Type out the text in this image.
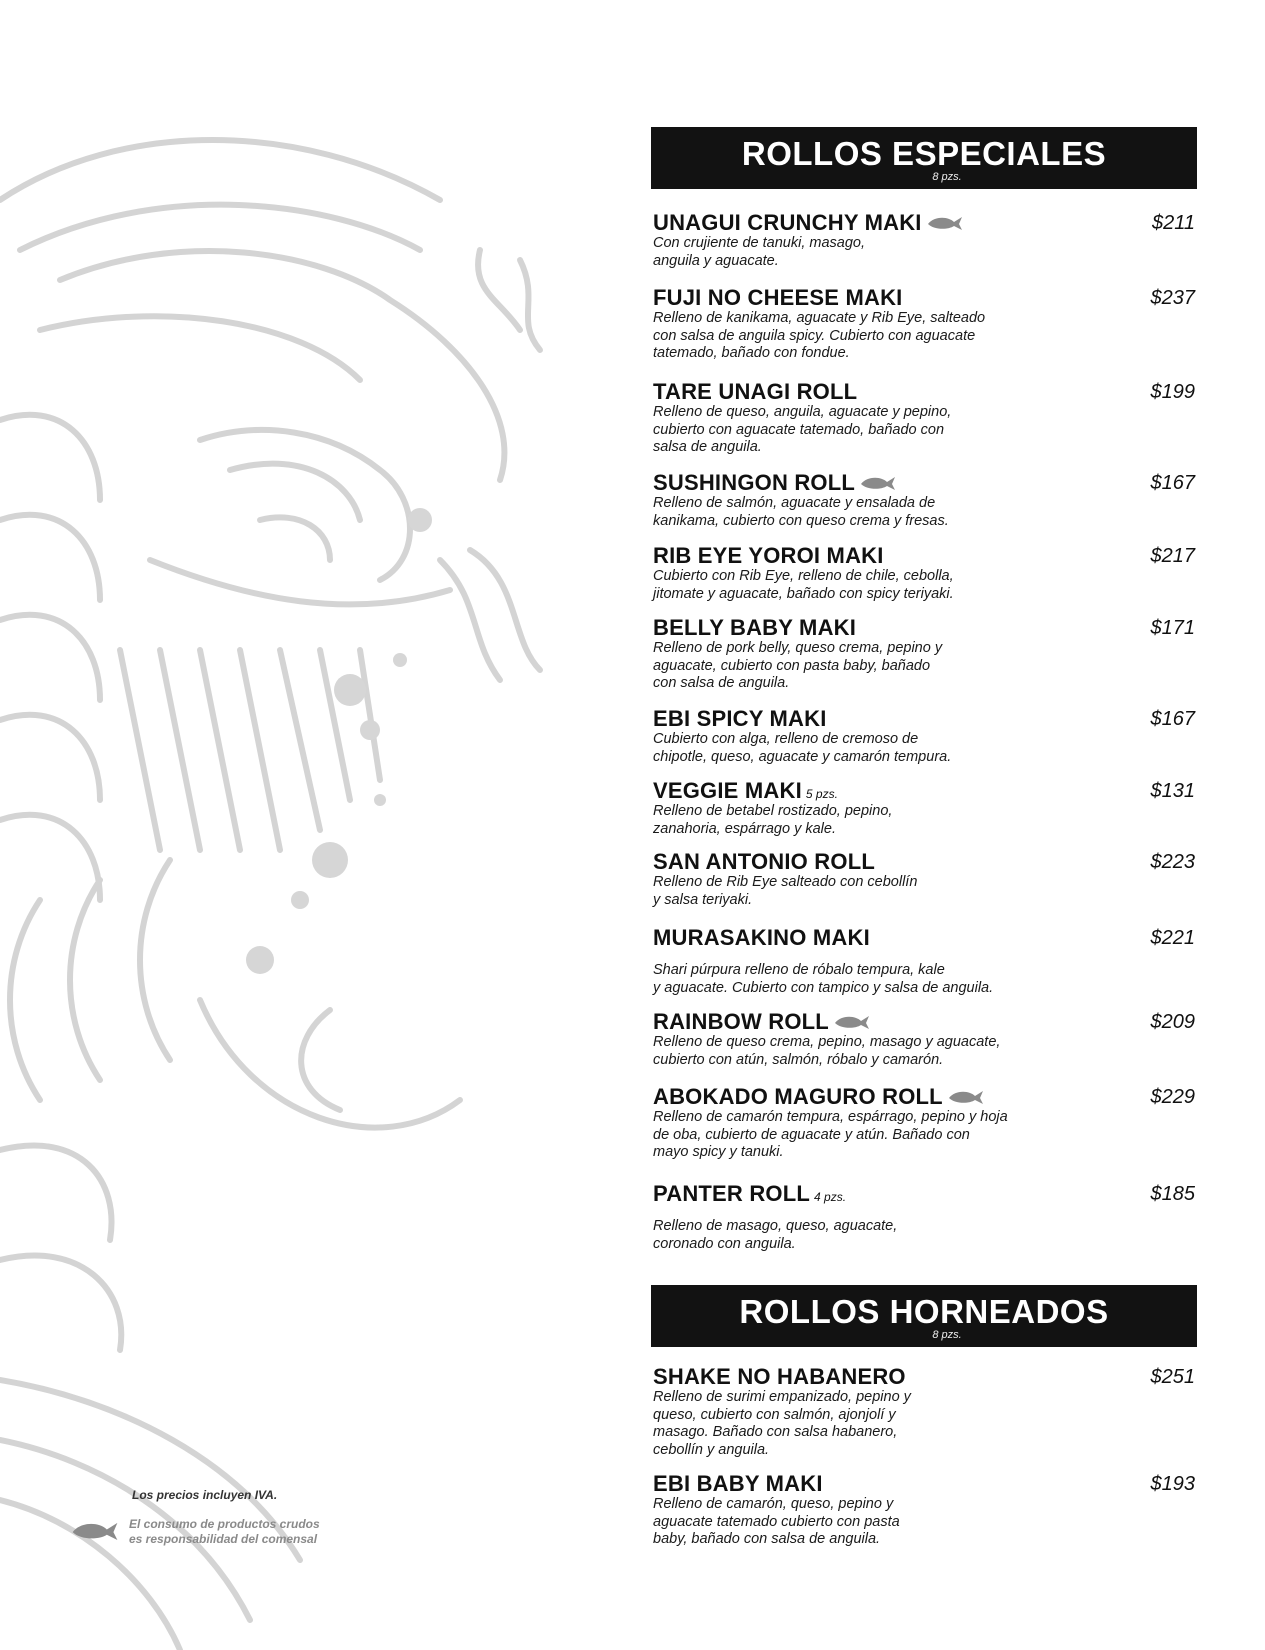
ROLLOS ESPECIALES
8 pzs.
UNAGUI CRUNCHY MAKI	$211
Con crujiente de tanuki, masago,
anguila y aguacate.
FUJI NO CHEESE MAKI	$237
Relleno de kanikama, aguacate y Rib Eye, salteado
con salsa de anguila spicy. Cubierto con aguacate
tatemado, bañado con fondue.
TARE UNAGI ROLL	$199
Relleno de queso, anguila, aguacate y pepino,
cubierto con aguacate tatemado, bañado con
salsa de anguila.
SUSHINGON ROLL	$167
Relleno de salmón, aguacate y ensalada de
kanikama, cubierto con queso crema y fresas.
RIB EYE YOROI MAKI	$217
Cubierto con Rib Eye, relleno de chile, cebolla,
jitomate y aguacate, bañado con spicy teriyaki.
BELLY BABY MAKI	$171
Relleno de pork belly, queso crema, pepino y
aguacate, cubierto con pasta baby, bañado
con salsa de anguila.
EBI SPICY MAKI	$167
Cubierto con alga, relleno de cremoso de
chipotle, queso, aguacate y camarón tempura.
VEGGIE MAKI 5 pzs.	$131
Relleno de betabel rostizado, pepino,
zanahoria, espárrago y kale.
SAN ANTONIO ROLL	$223
Relleno de Rib Eye salteado con cebollín
y salsa teriyaki.
MURASAKINO MAKI	$221
Shari púrpura relleno de róbalo tempura, kale
y aguacate. Cubierto con tampico y salsa de anguila.
RAINBOW ROLL	$209
Relleno de queso crema, pepino, masago y aguacate,
cubierto con atún, salmón, róbalo y camarón.
ABOKADO MAGURO ROLL	$229
Relleno de camarón tempura, espárrago, pepino y hoja
de oba, cubierto de aguacate y atún. Bañado con
mayo spicy y tanuki.
PANTER ROLL 4 pzs.	$185
Relleno de masago, queso, aguacate,
coronado con anguila.
ROLLOS HORNEADOS
8 pzs.
SHAKE NO HABANERO	$251
Relleno de surimi empanizado, pepino y
queso, cubierto con salmón, ajonjolí y
masago. Bañado con salsa habanero,
cebollín y anguila.
EBI BABY MAKI	$193
Relleno de camarón, queso, pepino y
aguacate tatemado cubierto con pasta
baby, bañado con salsa de anguila.
Los precios incluyen IVA.
El consumo de productos crudos
es responsabilidad del comensal
